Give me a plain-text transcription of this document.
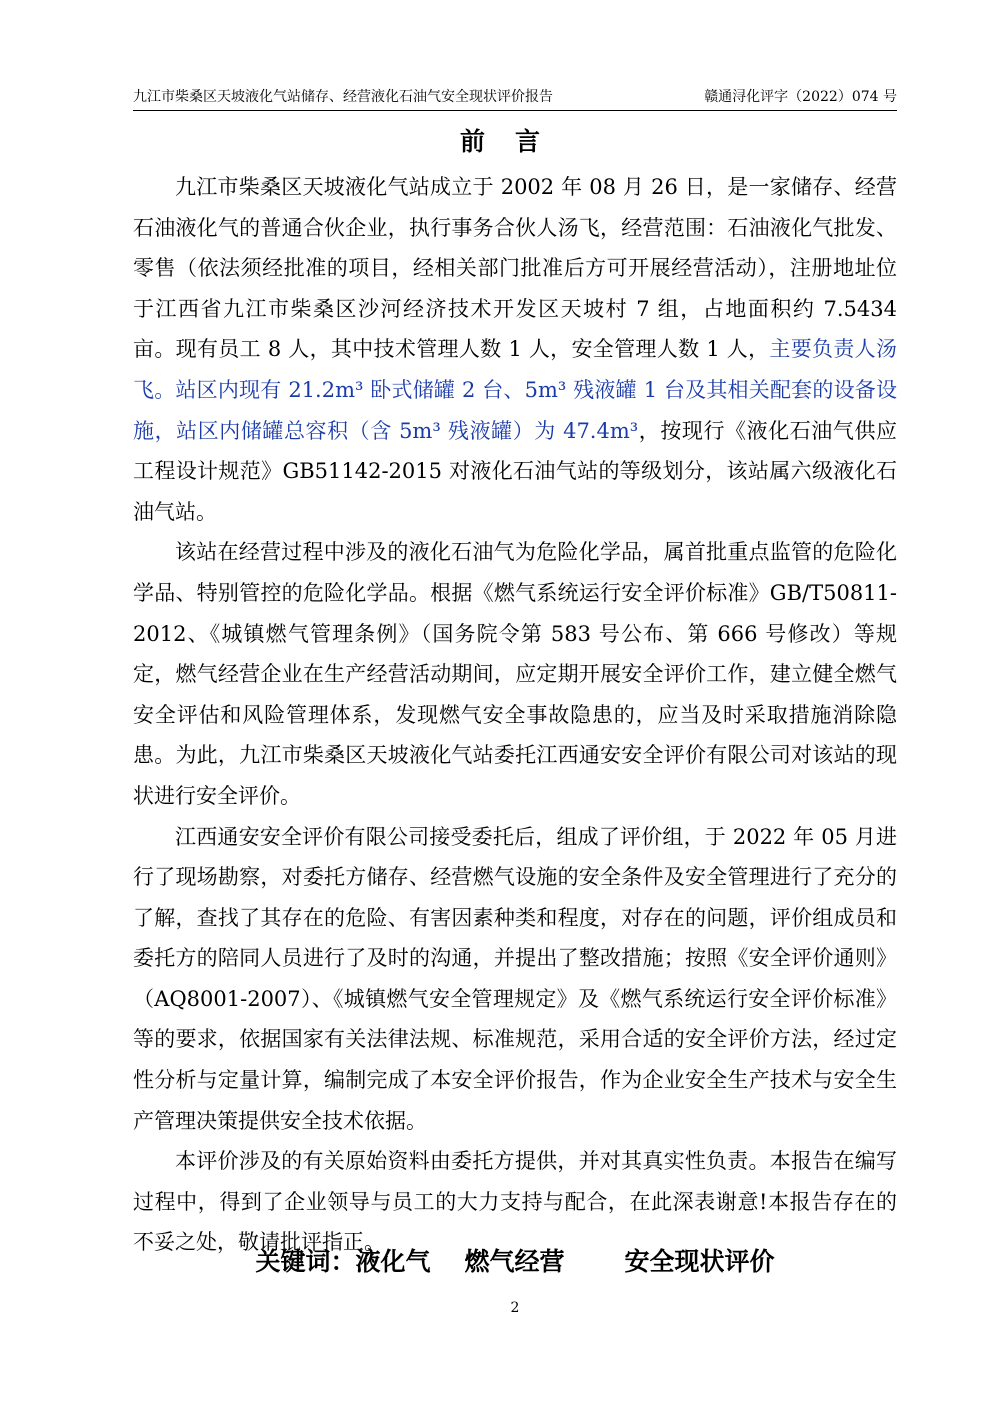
九江市柴桑区天坡液化气站储存、经营液化石油气安全现状评价报告	赣通浔化评字（2022）074 号
前言

九江市柴桑区天坡液化气站成立于 2002 年 08 月 26 日，是一家储存、经营石油液化气的普通合伙企业，执行事务合伙人汤飞，经营范围：石油液化气批发、零售（依法须经批准的项目，经相关部门批准后方可开展经营活动），注册地址位于江西省九江市柴桑区沙河经济技术开发区天坡村 7 组，占地面积约 7.5434 亩。现有员工 8 人，其中技术管理人数 1 人，安全管理人数 1 人，主要负责人汤飞。站区内现有 21.2m³ 卧式储罐 2 台、5m³ 残液罐 1 台及其相关配套的设备设施，站区内储罐总容积（含 5m³ 残液罐）为 47.4m³，按现行《液化石油气供应工程设计规范》GB51142-2015 对液化石油气站的等级划分，该站属六级液化石油气站。

该站在经营过程中涉及的液化石油气为危险化学品，属首批重点监管的危险化学品、特别管控的危险化学品。根据《燃气系统运行安全评价标准》GB/T50811-2012、《城镇燃气管理条例》（国务院令第 583 号公布、第 666 号修改）等规定，燃气经营企业在生产经营活动期间，应定期开展安全评价工作，建立健全燃气安全评估和风险管理体系，发现燃气安全事故隐患的，应当及时采取措施消除隐患。为此，九江市柴桑区天坡液化气站委托江西通安安全评价有限公司对该站的现状进行安全评价。

江西通安安全评价有限公司接受委托后，组成了评价组，于 2022 年 05 月进行了现场勘察，对委托方储存、经营燃气设施的安全条件及安全管理进行了充分的了解，查找了其存在的危险、有害因素种类和程度，对存在的问题，评价组成员和委托方的陪同人员进行了及时的沟通，并提出了整改措施；按照《安全评价通则》（AQ8001-2007）、《城镇燃气安全管理规定》及《燃气系统运行安全评价标准》等的要求，依据国家有关法律法规、标准规范，采用合适的安全评价方法，经过定性分析与定量计算，编制完成了本安全评价报告，作为企业安全生产技术与安全生产管理决策提供安全技术依据。

本评价涉及的有关原始资料由委托方提供，并对其真实性负责。本报告在编写过程中，得到了企业领导与员工的大力支持与配合，在此深表谢意!本报告存在的不妥之处，敬请批评指正。

关键词：液化气 燃气经营 安全现状评价
2
